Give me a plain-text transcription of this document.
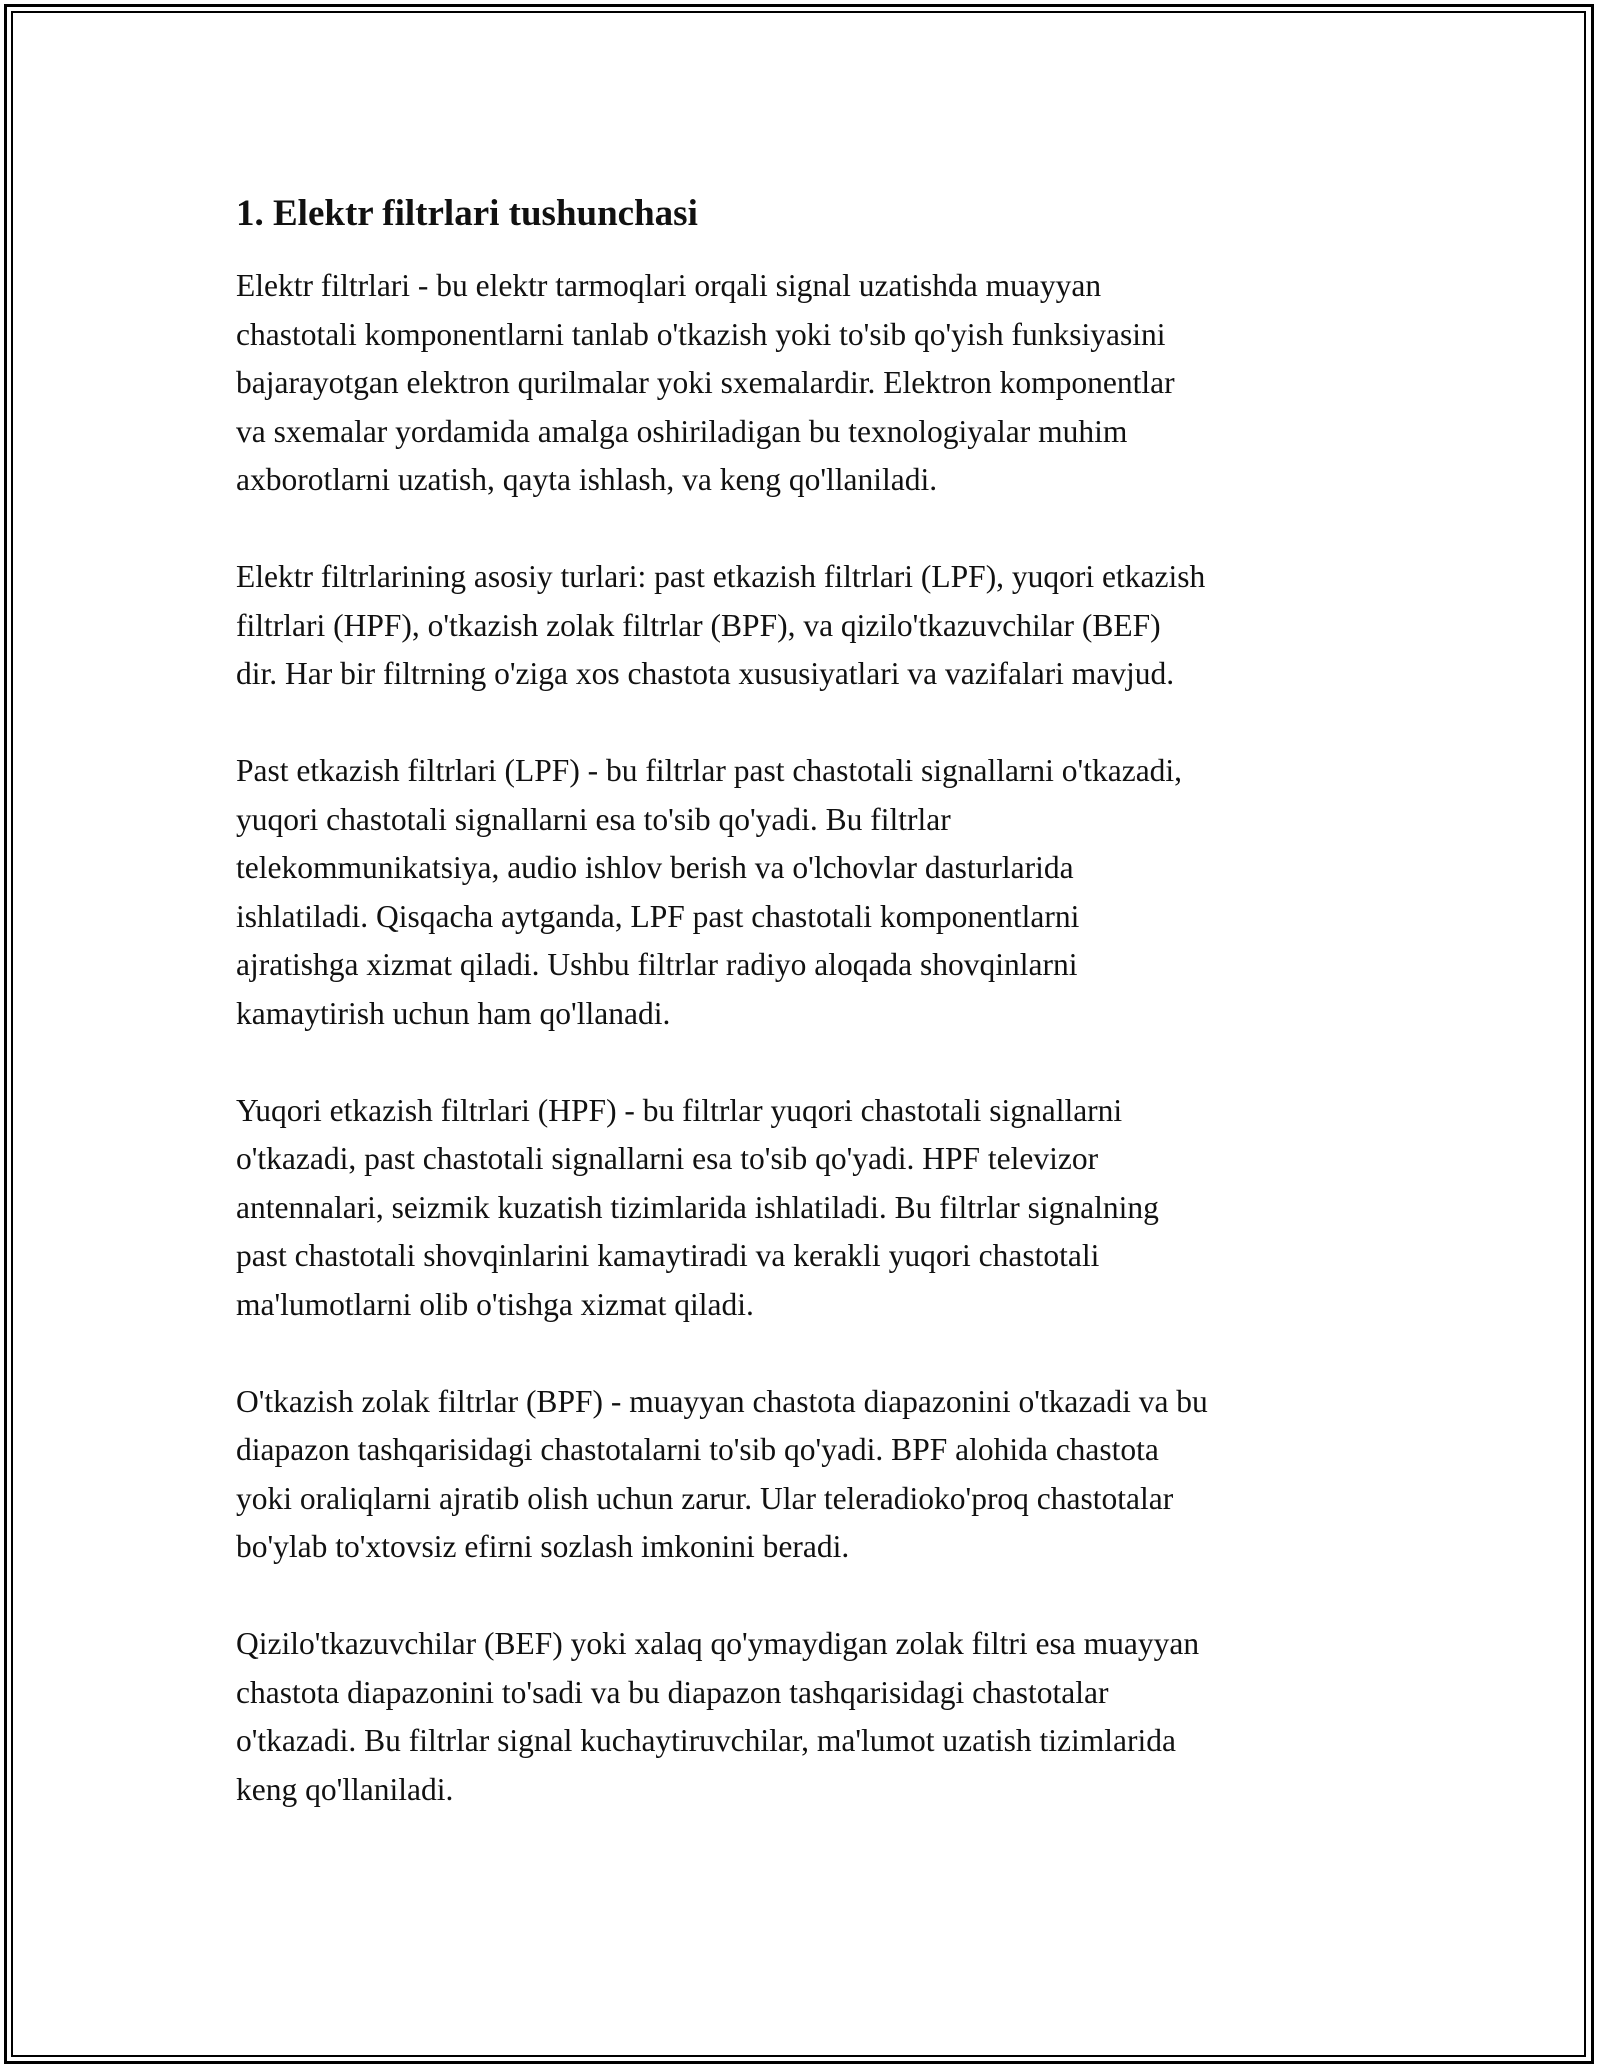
1. Elektr filtrlari tushunchasi

Elektr filtrlari - bu elektr tarmoqlari orqali signal uzatishda muayyan
chastotali komponentlarni tanlab o'tkazish yoki to'sib qo'yish funksiyasini
bajarayotgan elektron qurilmalar yoki sxemalardir. Elektron komponentlar
va sxemalar yordamida amalga oshiriladigan bu texnologiyalar muhim
axborotlarni uzatish, qayta ishlash, va keng qo'llaniladi.

Elektr filtrlarining asosiy turlari: past etkazish filtrlari (LPF), yuqori etkazish
filtrlari (HPF), o'tkazish zolak filtrlar (BPF), va qizilo'tkazuvchilar (BEF)
dir. Har bir filtrning o'ziga xos chastota xususiyatlari va vazifalari mavjud.

Past etkazish filtrlari (LPF) - bu filtrlar past chastotali signallarni o'tkazadi,
yuqori chastotali signallarni esa to'sib qo'yadi. Bu filtrlar
telekommunikatsiya, audio ishlov berish va o'lchovlar dasturlarida
ishlatiladi. Qisqacha aytganda, LPF past chastotali komponentlarni
ajratishga xizmat qiladi. Ushbu filtrlar radiyo aloqada shovqinlarni
kamaytirish uchun ham qo'llanadi.

Yuqori etkazish filtrlari (HPF) - bu filtrlar yuqori chastotali signallarni
o'tkazadi, past chastotali signallarni esa to'sib qo'yadi. HPF televizor
antennalari, seizmik kuzatish tizimlarida ishlatiladi. Bu filtrlar signalning
past chastotali shovqinlarini kamaytiradi va kerakli yuqori chastotali
ma'lumotlarni olib o'tishga xizmat qiladi.

O'tkazish zolak filtrlar (BPF) - muayyan chastota diapazonini o'tkazadi va bu
diapazon tashqarisidagi chastotalarni to'sib qo'yadi. BPF alohida chastota
yoki oraliqlarni ajratib olish uchun zarur. Ular teleradioko'proq chastotalar
bo'ylab to'xtovsiz efirni sozlash imkonini beradi.

Qizilo'tkazuvchilar (BEF) yoki xalaq qo'ymaydigan zolak filtri esa muayyan
chastota diapazonini to'sadi va bu diapazon tashqarisidagi chastotalar
o'tkazadi. Bu filtrlar signal kuchaytiruvchilar, ma'lumot uzatish tizimlarida
keng qo'llaniladi.
